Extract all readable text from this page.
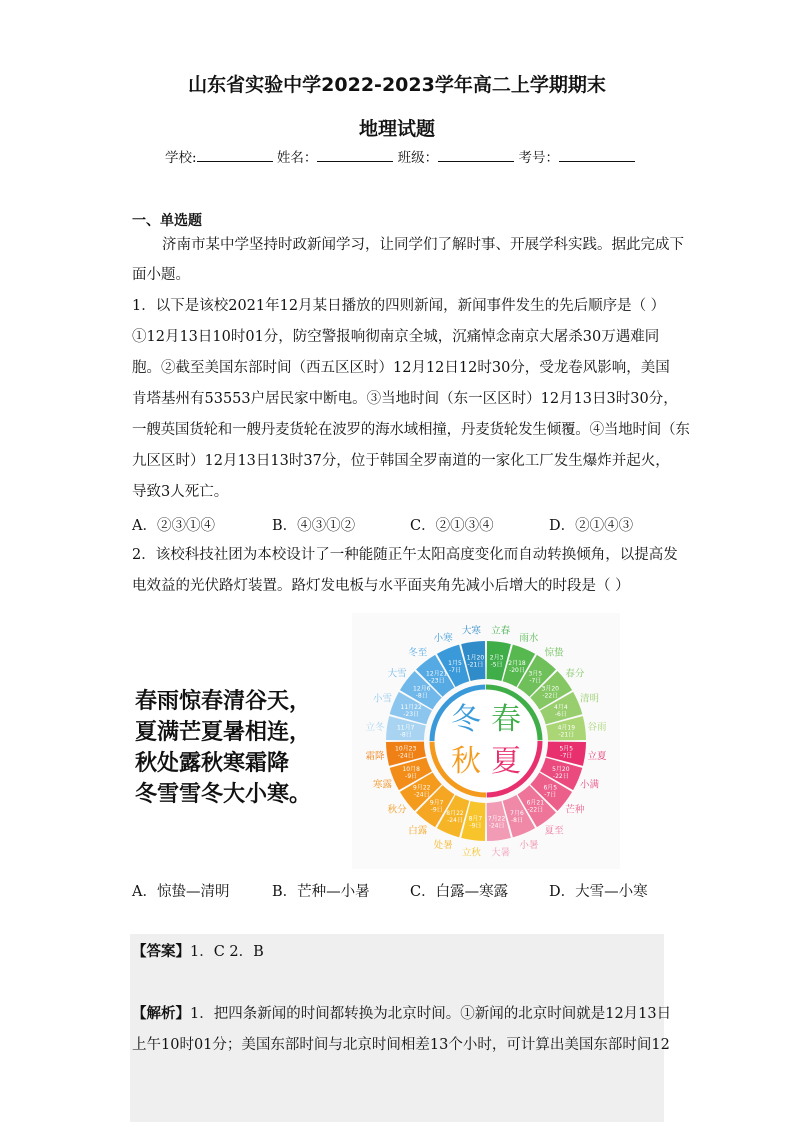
山东省实验中学2022-2023学年高二上学期期末
地理试题
学校:	姓名：	班级：	考号：
一、单选题
济南市某中学坚持时政新闻学习，让同学们了解时事、开展学科实践。据此完成下
面小题。
1．以下是该校2021年12月某日播放的四则新闻，新闻事件发生的先后顺序是（ ）
①12月13日10时01分，防空警报响彻南京全城，沉痛悼念南京大屠杀30万遇难同
胞。②截至美国东部时间（西五区区时）12月12日12时30分，受龙卷风影响，美国
肯塔基州有53553户居民家中断电。③当地时间（东一区区时）12月13日3时30分，
一艘英国货轮和一艘丹麦货轮在波罗的海水域相撞，丹麦货轮发生倾覆。④当地时间（东
九区区时）12月13日13时37分，位于韩国全罗南道的一家化工厂发生爆炸并起火，
导致3人死亡。
A．②③①④	B．④③①②	C．②①③④	D．②①④③
2．该校科技社团为本校设计了一种能随正午太阳高度变化而自动转换倾角，以提高发
电效益的光伏路灯装置。路灯发电板与水平面夹角先减小后增大的时段是（ ）
春雨惊春清谷天，
夏满芒夏暑相连，
秋处露秋寒霜降
冬雪雪冬大小寒。
2月3 -5日 2月18 -20日
3月5 -7日
3月20 -22日
4月4 -6日
4月19 -21日
5月5 -7日
5月20 -22日
6月5 -7日
6月21 -22日
7月6 -8日
7月22 -24日
8月7 -9日
8月22 -24日
9月7 -9日
9月22 -24日
10月8 -9日
10月23 -24日
11月7 -8日
11月22 -23日
12月6 -8日
12月21 -23日
1月5 -7日
1月20 -21日
立春
雨水
惊蛰
春分
清明
谷雨
立夏
小满
芒种
夏至
小暑
大暑
立秋
处暑
白露
秋分
寒露
霜降
立冬
小雪
大雪
冬至
小寒
大寒
冬 春
秋 夏
A．惊蛰—清明	B．芒种—小暑	C．白露—寒露	D．大雪—小寒
【答案】1．C 2．B
【解析】1．把四条新闻的时间都转换为北京时间。①新闻的北京时间就是12月13日
上午10时01分；美国东部时间与北京时间相差13个小时，可计算出美国东部时间12
